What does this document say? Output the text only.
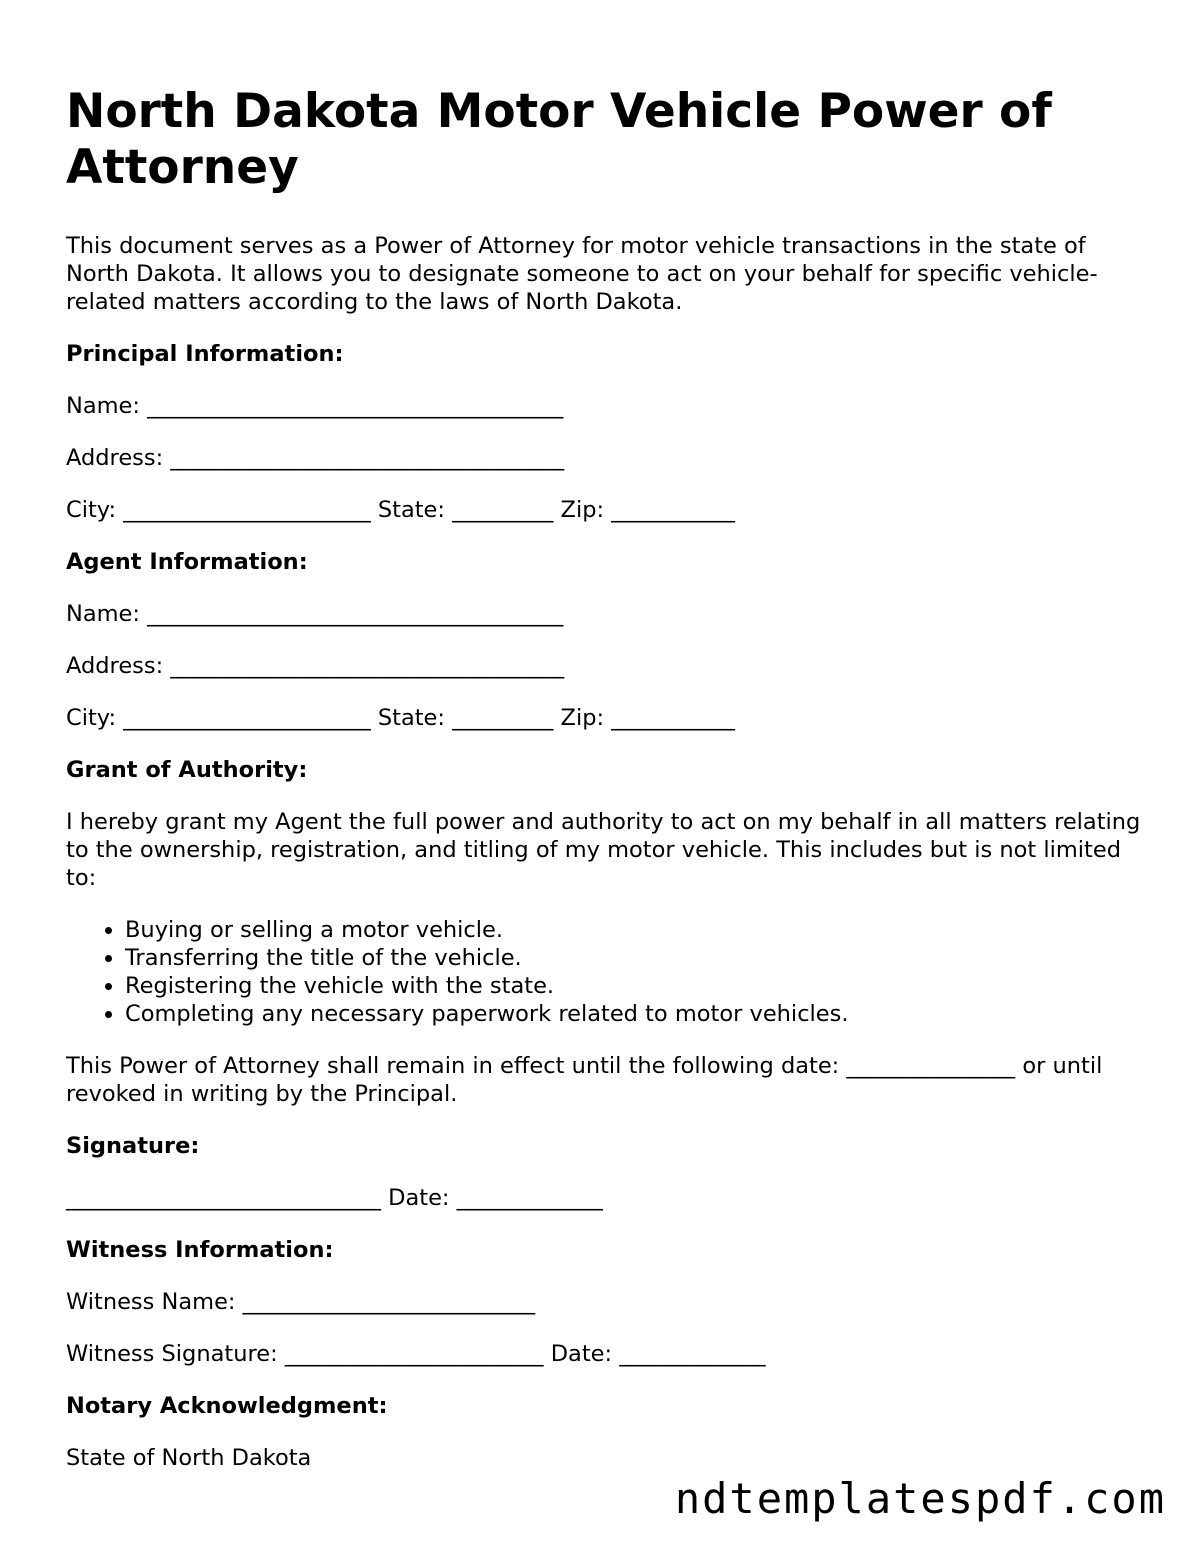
North Dakota Motor Vehicle Power of Attorney

This document serves as a Power of Attorney for motor vehicle transactions in the state of North Dakota. It allows you to designate someone to act on your behalf for specific vehicle-related matters according to the laws of North Dakota.

Principal Information:

Name: _____________________________________

Address: ___________________________________

City: ______________________ State: _________ Zip: ___________

Agent Information:

Name: _____________________________________

Address: ___________________________________

City: ______________________ State: _________ Zip: ___________

Grant of Authority:

I hereby grant my Agent the full power and authority to act on my behalf in all matters relating to the ownership, registration, and titling of my motor vehicle. This includes but is not limited to:

• Buying or selling a motor vehicle.
• Transferring the title of the vehicle.
• Registering the vehicle with the state.
• Completing any necessary paperwork related to motor vehicles.

This Power of Attorney shall remain in effect until the following date: _______________ or until revoked in writing by the Principal.

Signature:

____________________________ Date: _____________

Witness Information:

Witness Name: __________________________

Witness Signature: _______________________ Date: _____________

Notary Acknowledgment:

State of North Dakota

ndtemplatespdf.com
